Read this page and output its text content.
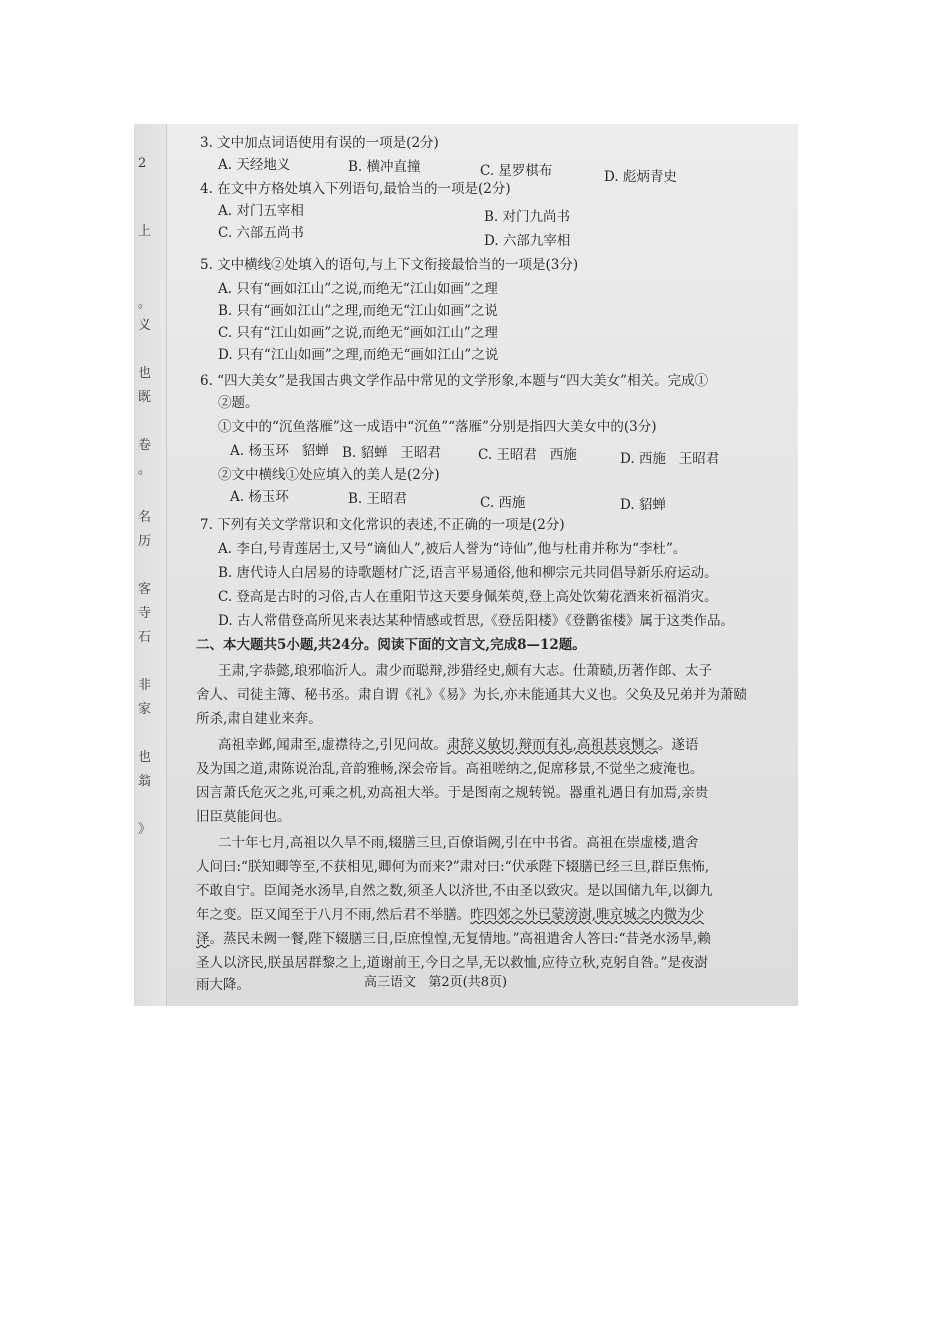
2
上
。
义
也
既
卷
。
名
历
客
寺
石
非
家
也
翁
》
3. 文中加点词语使用有误的一项是(2分)
A. 天经地义	B. 横冲直撞	C. 星罗棋布	D. 彪炳青史
4. 在文中方格处填入下列语句,最恰当的一项是(2分)
A. 对门五宰相	B. 对门九尚书
C. 六部五尚书	D. 六部九宰相
5. 文中横线②处填入的语句,与上下文衔接最恰当的一项是(3分)
A. 只有“画如江山”之说,而绝无“江山如画”之理
B. 只有“画如江山”之理,而绝无“江山如画”之说
C. 只有“江山如画”之说,而绝无“画如江山”之理
D. 只有“江山如画”之理,而绝无“画如江山”之说
6. “四大美女”是我国古典文学作品中常见的文学形象,本题与“四大美女”相关。完成①
②题。
①文中的“沉鱼落雁”这一成语中“沉鱼”“落雁”分别是指四大美女中的(3分)
A. 杨玉环   貂蝉 B. 貂蝉   王昭君	C. 王昭君   西施	D. 西施   王昭君
②文中横线①处应填入的美人是(2分)
A. 杨玉环	B. 王昭君	C. 西施	D. 貂蝉
7. 下列有关文学常识和文化常识的表述,不正确的一项是(2分)
A. 李白,号青莲居士,又号“谪仙人”,被后人誉为“诗仙”,他与杜甫并称为“李杜”。
B. 唐代诗人白居易的诗歌题材广泛,语言平易通俗,他和柳宗元共同倡导新乐府运动。
C. 登高是古时的习俗,古人在重阳节这天要身佩茱萸,登上高处饮菊花酒来祈福消灾。
D. 古人常借登高所见来表达某种情感或哲思,《登岳阳楼》《登鹳雀楼》属于这类作品。
二、本大题共5小题,共24分。阅读下面的文言文,完成8—12题。
王肃,字恭懿,琅邪临沂人。肃少而聪辩,涉猎经史,颇有大志。仕萧赜,历著作郎、太子
舍人、司徒主簿、秘书丞。肃自谓《礼》《易》为长,亦未能通其大义也。父奂及兄弟并为萧赜
所杀,肃自建业来奔。
高祖幸邺,闻肃至,虚襟待之,引见问故。肃辞义敏切,辩而有礼,高祖甚哀恻之。遂语
及为国之道,肃陈说治乱,音韵雅畅,深会帝旨。高祖嗟纳之,促席移景,不觉坐之疲淹也。
因言萧氏危灭之兆,可乘之机,劝高祖大举。于是图南之规转锐。器重礼遇日有加焉,亲贵
旧臣莫能间也。
二十年七月,高祖以久旱不雨,辍膳三旦,百僚诣阙,引在中书省。高祖在崇虚楼,遣舍
人问曰:“朕知卿等至,不获相见,卿何为而来?”肃对曰:“伏承陛下辍膳已经三旦,群臣焦怖,
不敢自宁。臣闻尧水汤旱,自然之数,须圣人以济世,不由圣以致灾。是以国储九年,以御九
年之变。臣又闻至于八月不雨,然后君不举膳。昨四郊之外已蒙滂澍,唯京城之内微为少
泽。蒸民未阙一餐,陛下辍膳三日,臣庶惶惶,无复情地。”高祖遣舍人答曰:“昔尧水汤旱,赖
圣人以济民,朕虽居群黎之上,道谢前王,今日之旱,无以救恤,应待立秋,克躬自咎。”是夜澍
雨大降。	高三语文   第2页(共8页)
